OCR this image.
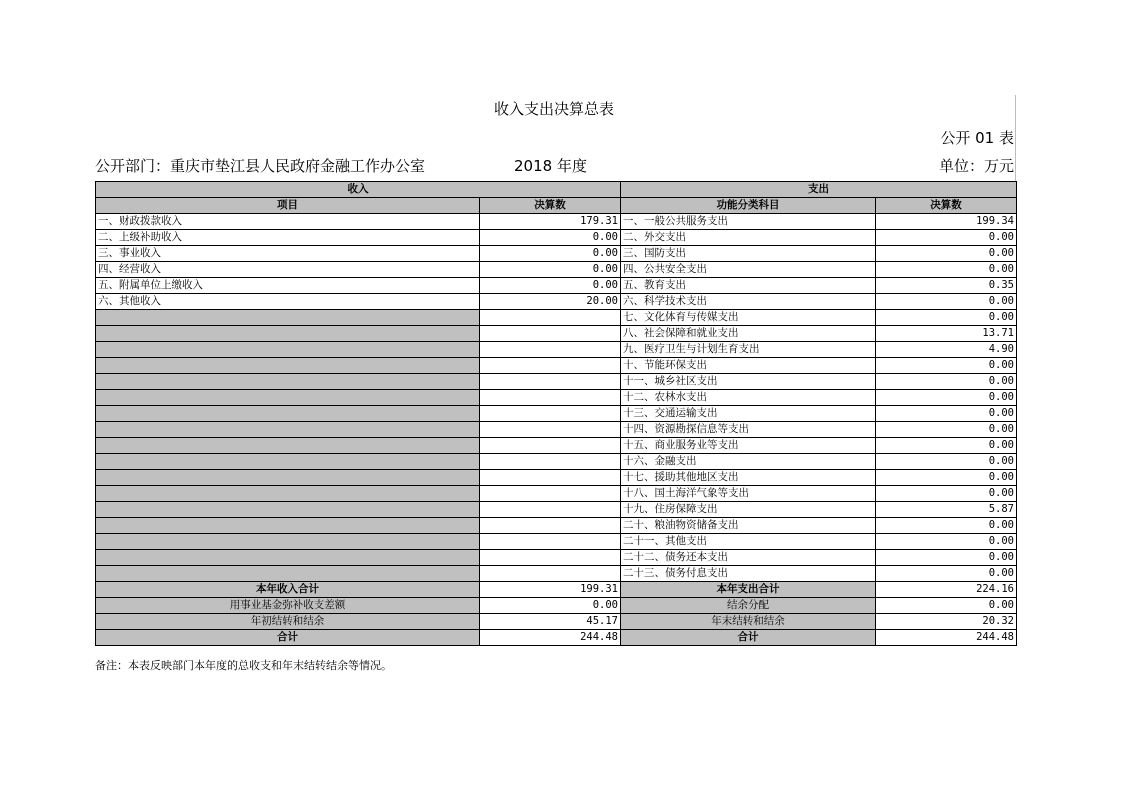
收入支出决算总表
公开 01 表
公开部门：重庆市垫江县人民政府金融工作办公室	2018 年度	单位：万元
收入		支出	
项目	决算数	功能分类科目	决算数
一、财政拨款收入	179.31	一、一般公共服务支出	199.34
二、上级补助收入	0.00	二、外交支出	0.00
三、事业收入	0.00	三、国防支出	0.00
四、经营收入	0.00	四、公共安全支出	0.00
五、附属单位上缴收入	0.00	五、教育支出	0.35
六、其他收入	20.00	六、科学技术支出	0.00
		七、文化体育与传媒支出	0.00
		八、社会保障和就业支出	13.71
		九、医疗卫生与计划生育支出	4.90
		十、节能环保支出	0.00
		十一、城乡社区支出	0.00
		十二、农林水支出	0.00
		十三、交通运输支出	0.00
		十四、资源勘探信息等支出	0.00
		十五、商业服务业等支出	0.00
		十六、金融支出	0.00
		十七、援助其他地区支出	0.00
		十八、国土海洋气象等支出	0.00
		十九、住房保障支出	5.87
		二十、粮油物资储备支出	0.00
		二十一、其他支出	0.00
		二十二、债务还本支出	0.00
		二十三、债务付息支出	0.00
本年收入合计	199.31	本年支出合计	224.16
用事业基金弥补收支差额	0.00	结余分配	0.00
年初结转和结余	45.17	年末结转和结余	20.32
合计	244.48	合计	244.48
备注：本表反映部门本年度的总收支和年末结转结余等情况。
